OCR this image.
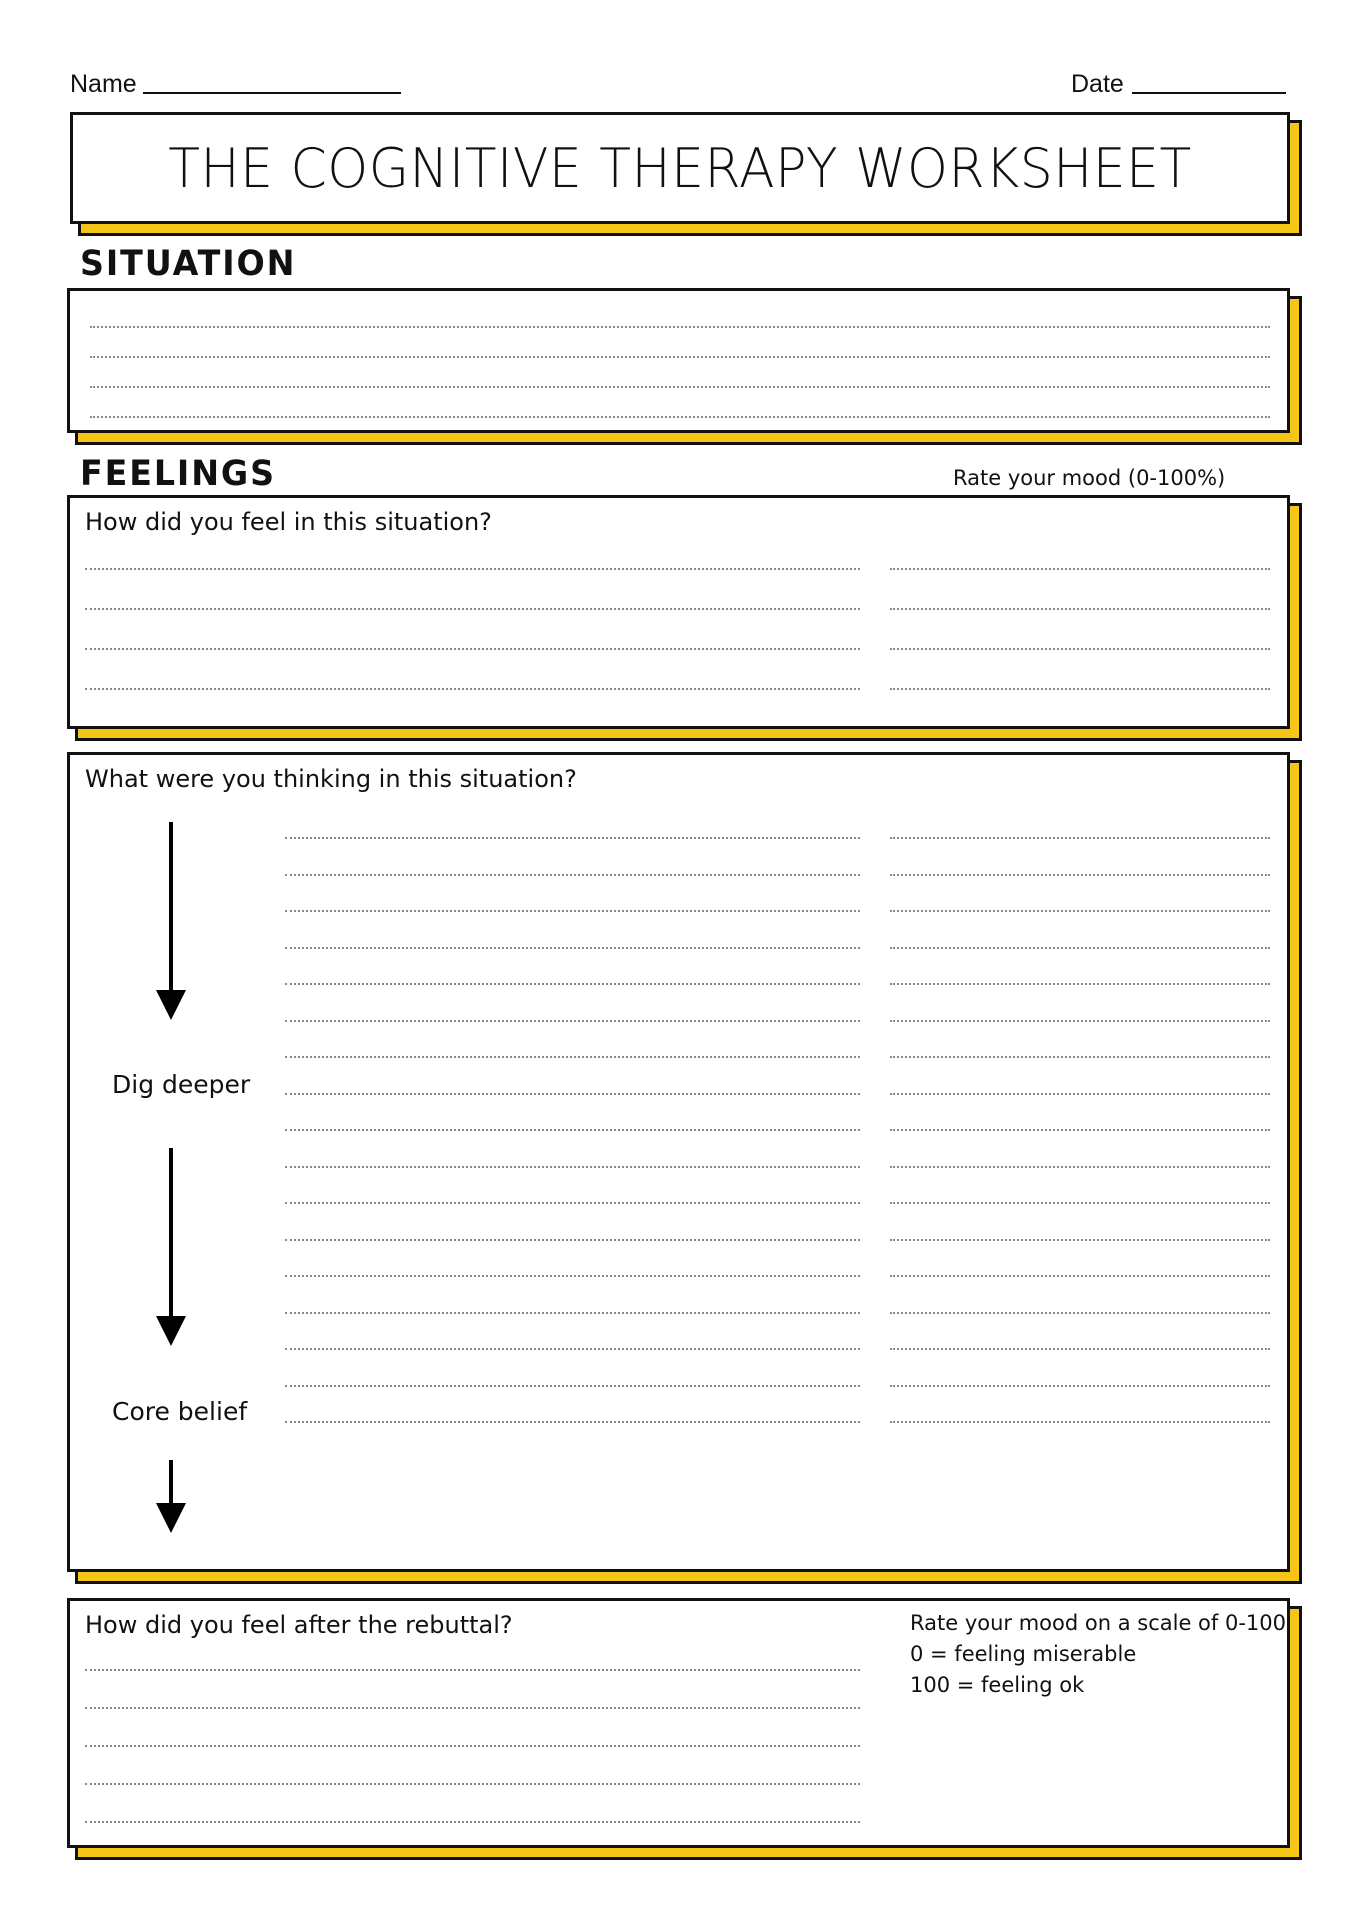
Name	Date
THE COGNITIVE THERAPY WORKSHEET
SITUATION
FEELINGS	Rate your mood (0-100%)
How did you feel in this situation?
What were you thinking in this situation?
Dig deeper
Core belief
How did you feel after the rebuttal?	Rate your mood on a scale of 0-100
0 = feeling miserable
100 = feeling ok
